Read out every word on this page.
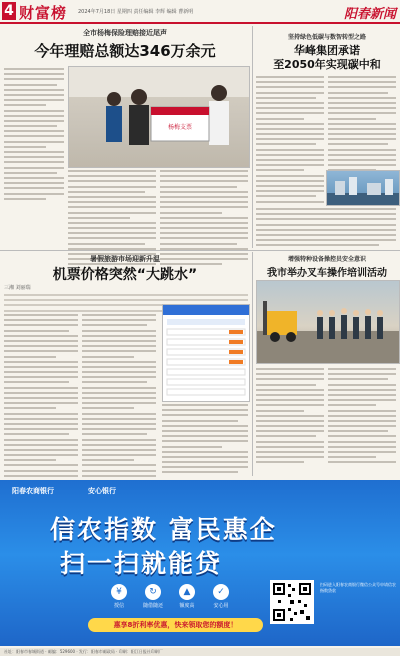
4 财富榜 2024年7月18日 星期四 责任编辑 李辉 编辑 曹新明	阳春新闻
全市杨梅保险理赔接近尾声
今年理赔总额达346万余元
杨梅支票
坚持绿色低碳与数智转型之路
华峰集团承诺
至2050年实现碳中和
暑假旅游市场迎新升温
机票价格突然“大跳水”
三湘 刘丽瑞
增强特种设备操控员安全意识
我市举办叉车操作培训活动
阳春农商银行	安心银行
信农指数 富民惠企
扫一扫就能贷
¥
授信
↻
随借随还
▲
额度高
✓
安心用
惠享8折利率优惠，快来领取您的额度！
扫码进入阳春农商银行微信公众号申请信农指数贷款
社址：阳春市春城街道 · 邮编：529600 · 发行：阳春市邮政局 · 印刷：阳江日报社印刷厂
